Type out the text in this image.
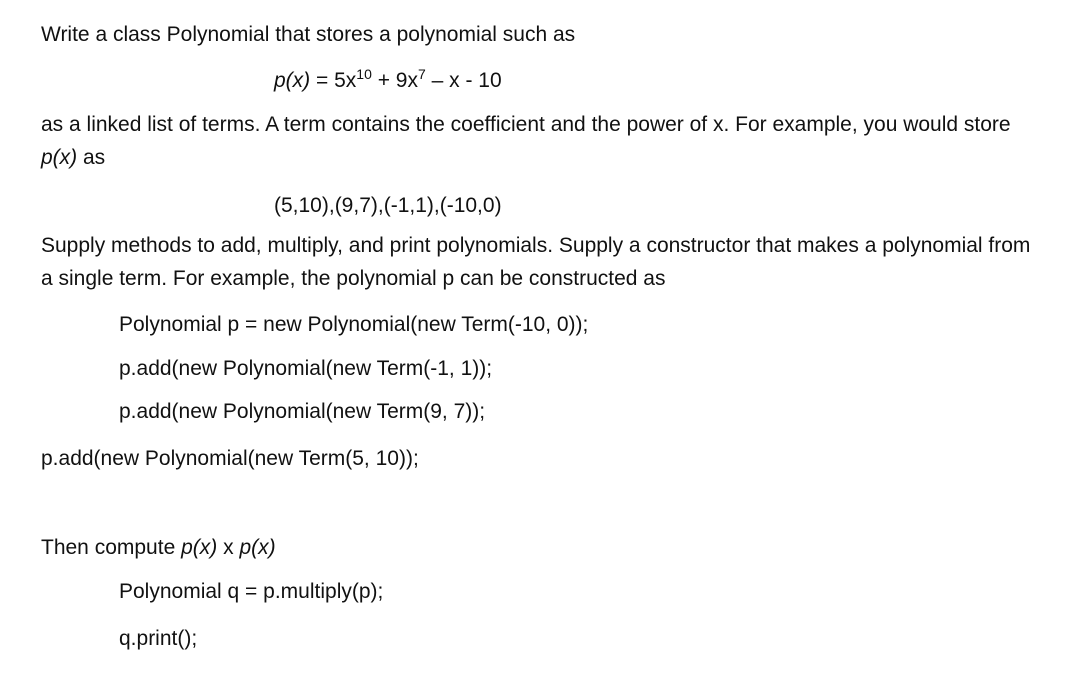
Write a class Polynomial that stores a polynomial such as
$p(x) = 5x^{10} + 9x^7 - x - 10$
as a linked list of terms. A term contains the coefficient and the power of x. For example, you would store p(x) as
(5,10),(9,7),(-1,1),(-10,0)
Supply methods to add, multiply, and print polynomials. Supply a constructor that makes a polynomial from a single term. For example, the polynomial p can be constructed as
Polynomial p = new Polynomial(new Term(-10, 0));
p.add(new Polynomial(new Term(-1, 1));
p.add(new Polynomial(new Term(9, 7));
p.add(new Polynomial(new Term(5, 10));
Then compute p(x) x p(x)
Polynomial q = p.multiply(p);
q.print();
